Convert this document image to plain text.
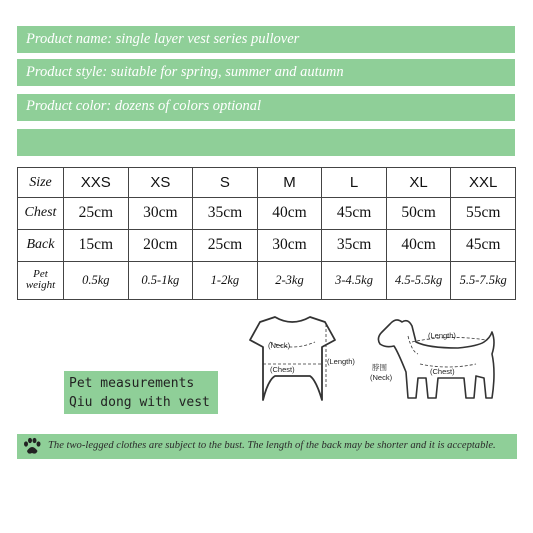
Product name: single layer vest series pullover
Product style: suitable for spring, summer and autumn
Product color: dozens of colors optional
Size	XXS	XS	S	M	L	XL	XXL
Chest	25cm	30cm	35cm	40cm	45cm	50cm	55cm
Back	15cm	20cm	25cm	30cm	35cm	40cm	45cm
Pet
weight	0.5kg	0.5-1kg	1-2kg	2-3kg	3-4.5kg	4.5-5.5kg	5.5-7.5kg
(Neck)
(Chest)
(Length)
(Length)
脖围
(Neck)
(Chest)
Pet measurements
Qiu dong with vest
The two-legged clothes are subject to the bust. The length of the back may be shorter and it is acceptable.
